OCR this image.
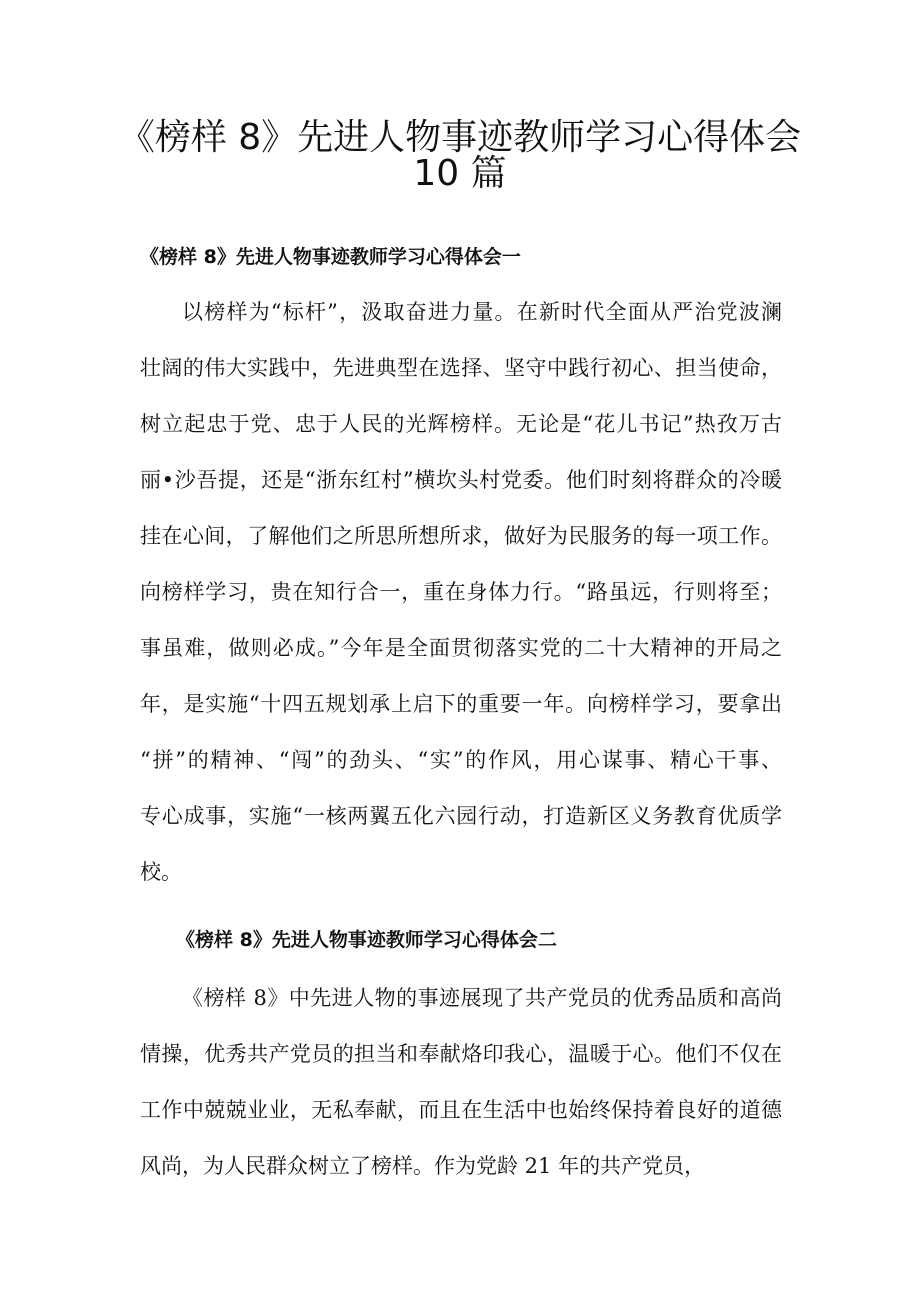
《榜样 8》先进人物事迹教师学习心得体会
10 篇
《榜样 8》先进人物事迹教师学习心得体会一
以榜样为“标杆”，汲取奋进力量。在新时代全面从严治党波澜
壮阔的伟大实践中，先进典型在选择、坚守中践行初心、担当使命，
树立起忠于党、忠于人民的光辉榜样。无论是“花儿书记”热孜万古
丽•沙吾提，还是“浙东红村”横坎头村党委。他们时刻将群众的冷暖
挂在心间，了解他们之所思所想所求，做好为民服务的每一项工作。
向榜样学习，贵在知行合一，重在身体力行。“路虽远，行则将至；
事虽难，做则必成。”今年是全面贯彻落实党的二十大精神的开局之
年，是实施“十四五规划承上启下的重要一年。向榜样学习，要拿出
“拼”的精神、“闯”的劲头、“实”的作风，用心谋事、精心干事、
专心成事，实施“一核两翼五化六园行动，打造新区义务教育优质学
校。
《榜样 8》先进人物事迹教师学习心得体会二
《榜样 8》中先进人物的事迹展现了共产党员的优秀品质和高尚
情操，优秀共产党员的担当和奉献烙印我心，温暖于心。他们不仅在
工作中兢兢业业，无私奉献，而且在生活中也始终保持着良好的道德
风尚，为人民群众树立了榜样。作为党龄 21 年的共产党员，
